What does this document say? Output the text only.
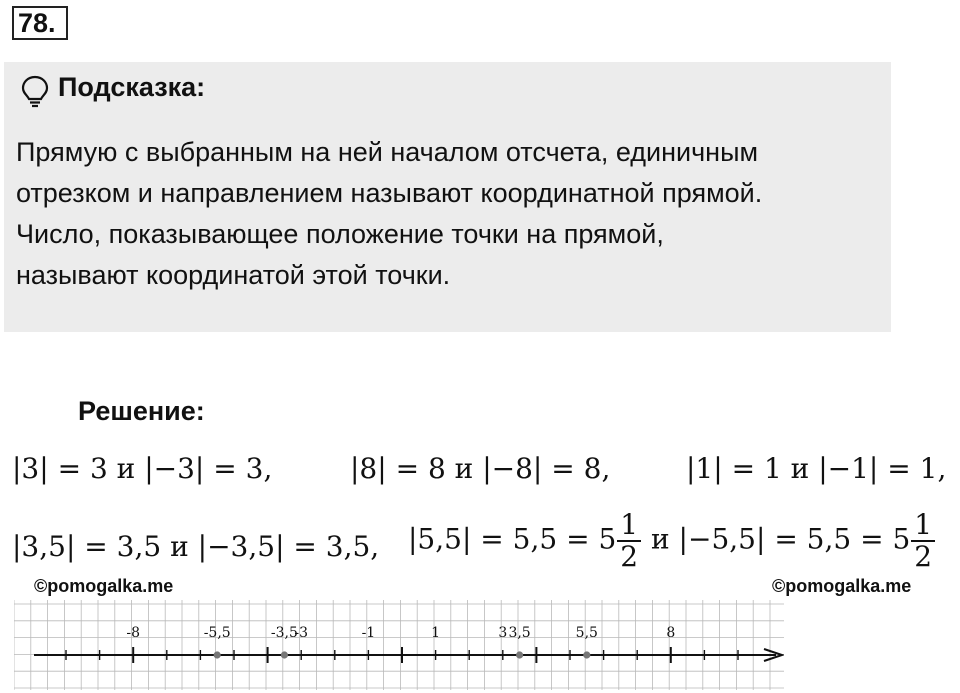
78.
Подсказка:
Прямую с выбранным на ней началом отсчета, единичным
отрезком и направлением называют координатной прямой.
Число, показывающее положение точки на прямой,
называют координатой этой точки.
Решение:
|3| = 3 и |−3| = 3,	|8| = 8 и |−8| = 8,	|1| = 1 и |−1| = 1,
|3,5| = 3,5 и |−3,5| = 3,5, $|5,5| = 5,5 = 5 \frac{1}{2}$ и $|-5,5| = 5,5 = 5 \frac{1}{2}$
©pomogalka.me	©pomogalka.me
-8	-5,5	-3,5
-3	-1	1	3 3,5	5,5	8
